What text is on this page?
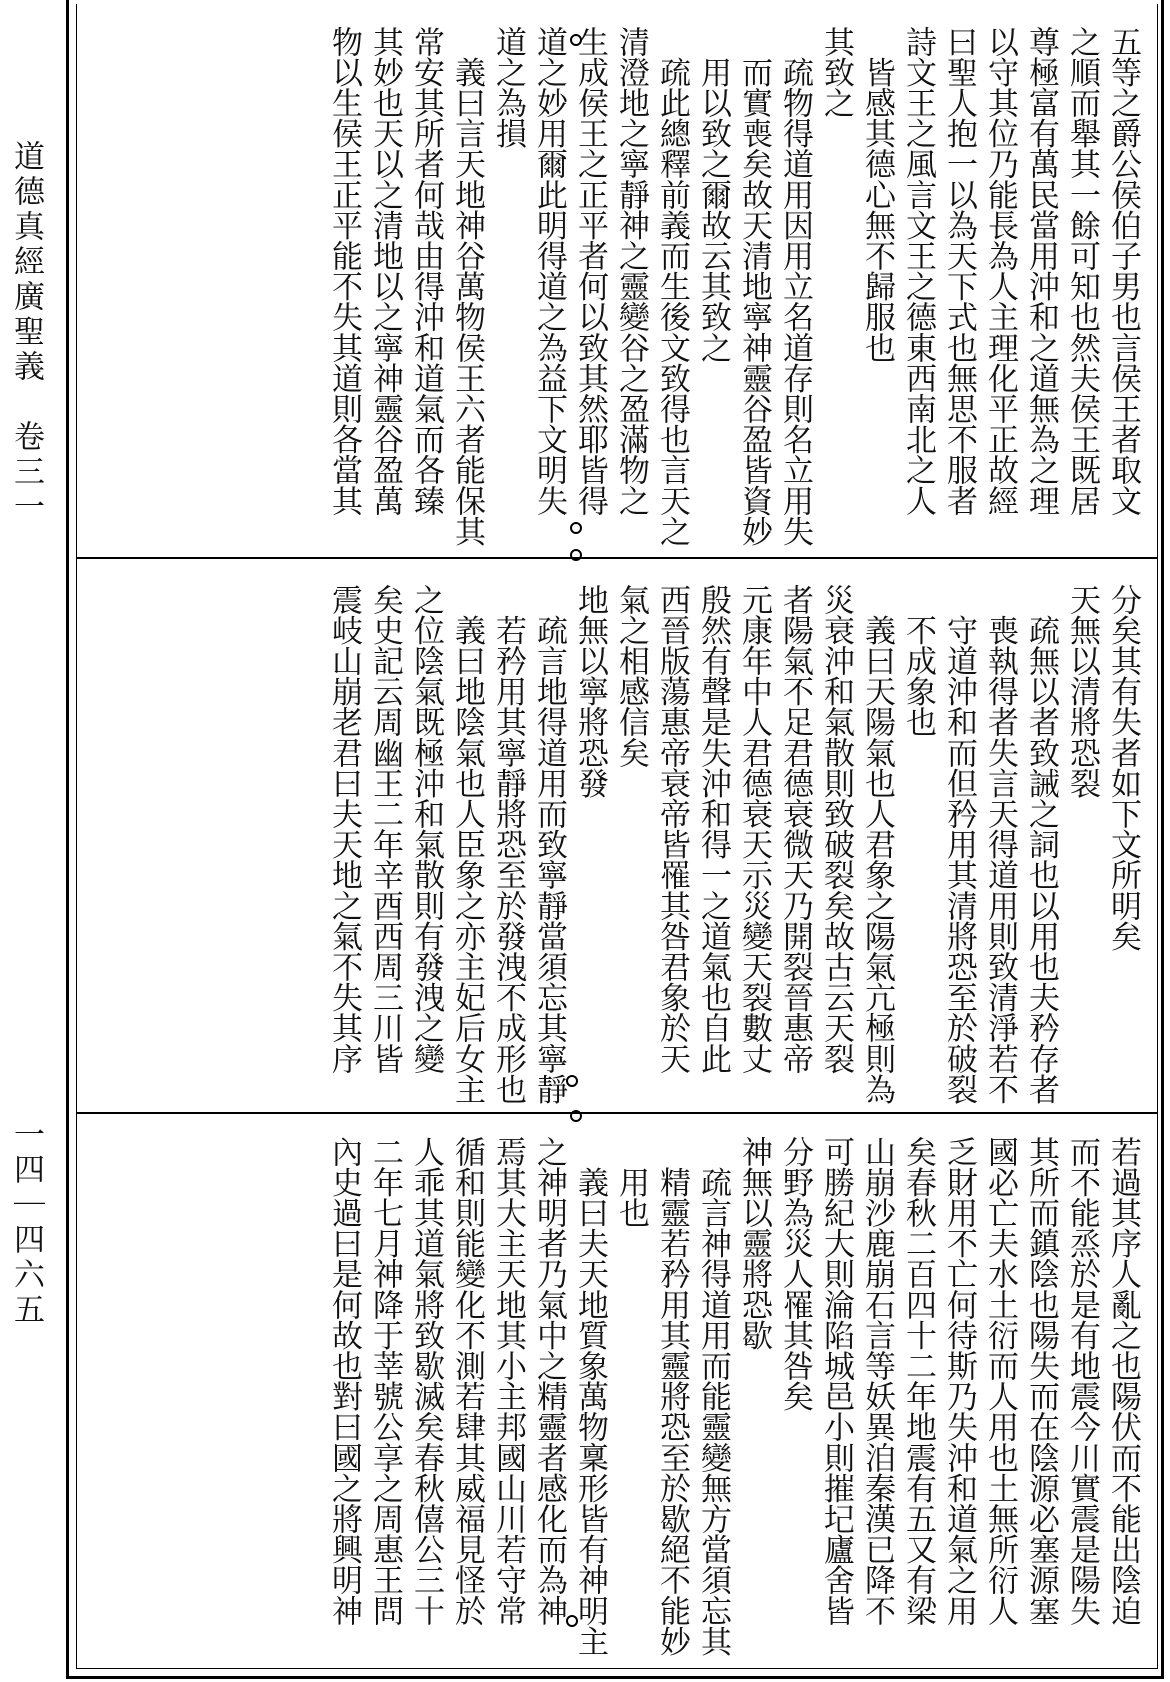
道德真經廣聖義　卷三一
一四｜四六五
五等之爵公侯伯子男也言侯王者取文
之順而舉其一餘可知也然夫侯王既居
尊極富有萬民當用沖和之道無為之理
以守其位乃能長為人主理化平正故經
曰聖人抱一以為天下式也無思不服者
詩文王之風言文王之德東西南北之人
　皆感其德心無不歸服也
其致之
　疏物得道用因用立名道存則名立用失
　而實喪矣故天清地寧神靈谷盈皆資妙
　用以致之爾故云其致之
　疏此總釋前義而生後文致得也言天之
清澄地之寧靜神之靈變谷之盈滿物之
生成侯王之正平者何以致其然耶皆得
道之妙用爾此明得道之為益下文明失
道之為損
　義曰言天地神谷萬物侯王六者能保其
常安其所者何哉由得沖和道氣而各臻
其妙也天以之清地以之寧神靈谷盈萬
物以生侯王正平能不失其道則各當其
分矣其有失者如下文所明矣
天無以清將恐裂
　疏無以者致誡之詞也以用也夫矜存者
　喪執得者失言天得道用則致清淨若不
　守道沖和而但矜用其清將恐至於破裂
　不成象也
　義曰天陽氣也人君象之陽氣亢極則為
災衰沖和氣散則致破裂矣故古云天裂
者陽氣不足君德衰微天乃開裂晉惠帝
元康年中人君德衰天示災變天裂數丈
殷然有聲是失沖和得一之道氣也自此
西晉版蕩惠帝衰帝皆罹其咎君象於天
氣之相感信矣
地無以寧將恐發
　疏言地得道用而致寧靜當須忘其寧靜
　若矜用其寧靜將恐至於發洩不成形也
　義曰地陰氣也人臣象之亦主妃后女主
之位陰氣既極沖和氣散則有發洩之變
矣史記云周幽王二年辛酉西周三川皆
震岐山崩老君曰夫天地之氣不失其序
若過其序人亂之也陽伏而不能出陰迫
而不能烝於是有地震今川實震是陽失
其所而鎮陰也陽失而在陰源必塞源塞
國必亡夫水土衍而人用也土無所衍人
乏財用不亡何待斯乃失沖和道氣之用
矣春秋二百四十二年地震有五又有梁
山崩沙鹿崩石言等妖異洎秦漢已降不
可勝紀大則淪陷城邑小則摧圮廬舍皆
分野為災人罹其咎矣
神無以靈將恐歇
　疏言神得道用而能靈變無方當須忘其
　精靈若矜用其靈將恐至於歇絕不能妙
　用也
　義曰夫天地質象萬物稟形皆有神明主
之神明者乃氣中之精靈者感化而為神
焉其大主天地其小主邦國山川若守常
循和則能變化不測若肆其威福見怪於
人乖其道氣將致歇滅矣春秋僖公三十
二年七月神降于莘號公享之周惠王問
內史過曰是何故也對曰國之將興明神
